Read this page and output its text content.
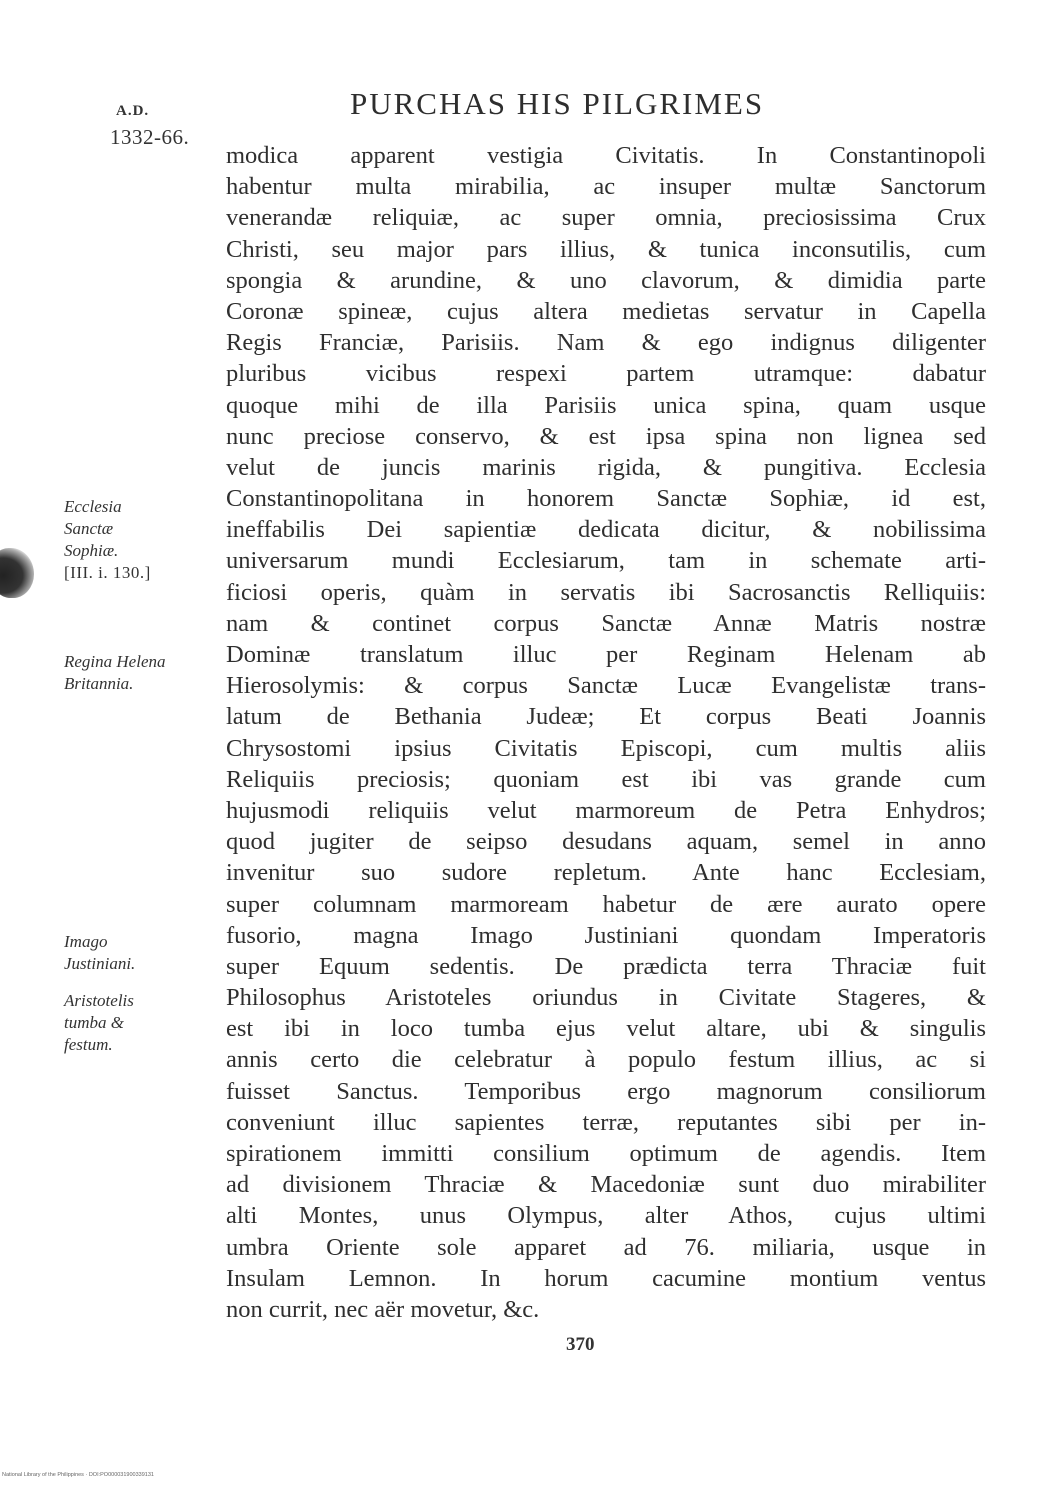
A.D.
1332-66.
PURCHAS HIS PILGRIMES
modica apparent vestigia Civitatis. In Constantinopoli
habentur multa mirabilia, ac insuper multæ Sanctorum
venerandæ reliquiæ, ac super omnia, preciosissima Crux
Christi, seu major pars illius, & tunica inconsutilis, cum
spongia & arundine, & uno clavorum, & dimidia parte
Coronæ spineæ, cujus altera medietas servatur in Capella
Regis Franciæ, Parisiis. Nam & ego indignus diligenter
pluribus vicibus respexi partem utramque: dabatur
quoque mihi de illa Parisiis unica spina, quam usque
nunc preciose conservo, & est ipsa spina non lignea sed
velut de juncis marinis rigida, & pungitiva. Ecclesia
Constantinopolitana in honorem Sanctæ Sophiæ, id est,
ineffabilis Dei sapientiæ dedicata dicitur, & nobilissima
universarum mundi Ecclesiarum, tam in schemate arti-
ficiosi operis, quàm in servatis ibi Sacrosanctis Relliquiis:
nam & continet corpus Sanctæ Annæ Matris nostræ
Dominæ translatum illuc per Reginam Helenam ab
Hierosolymis: & corpus Sanctæ Lucæ Evangelistæ trans-
latum de Bethania Judeæ; Et corpus Beati Joannis
Chrysostomi ipsius Civitatis Episcopi, cum multis aliis
Reliquiis preciosis; quoniam est ibi vas grande cum
hujusmodi reliquiis velut marmoreum de Petra Enhydros;
quod jugiter de seipso desudans aquam, semel in anno
invenitur suo sudore repletum. Ante hanc Ecclesiam,
super columnam marmoream habetur de ære aurato opere
fusorio, magna Imago Justiniani quondam Imperatoris
super Equum sedentis. De prædicta terra Thraciæ fuit
Philosophus Aristoteles oriundus in Civitate Stageres, &
est ibi in loco tumba ejus velut altare, ubi & singulis
annis certo die celebratur à populo festum illius, ac si
fuisset Sanctus. Temporibus ergo magnorum consiliorum
conveniunt illuc sapientes terræ, reputantes sibi per in-
spirationem immitti consilium optimum de agendis. Item
ad divisionem Thraciæ & Macedoniæ sunt duo mirabiliter
alti Montes, unus Olympus, alter Athos, cujus ultimi
umbra Oriente sole apparet ad 76. miliaria, usque in
Insulam Lemnon. In horum cacumine montium ventus
non currit, nec aër movetur, &c.
Ecclesia
Sanctæ
Sophiæ.
[III. i. 130.]
Regina Helena
Britannia.
Imago
Justiniani.
Aristotelis
tumba &
festum.
370
National Library of the Philippines · DOI:PO000031900339131
